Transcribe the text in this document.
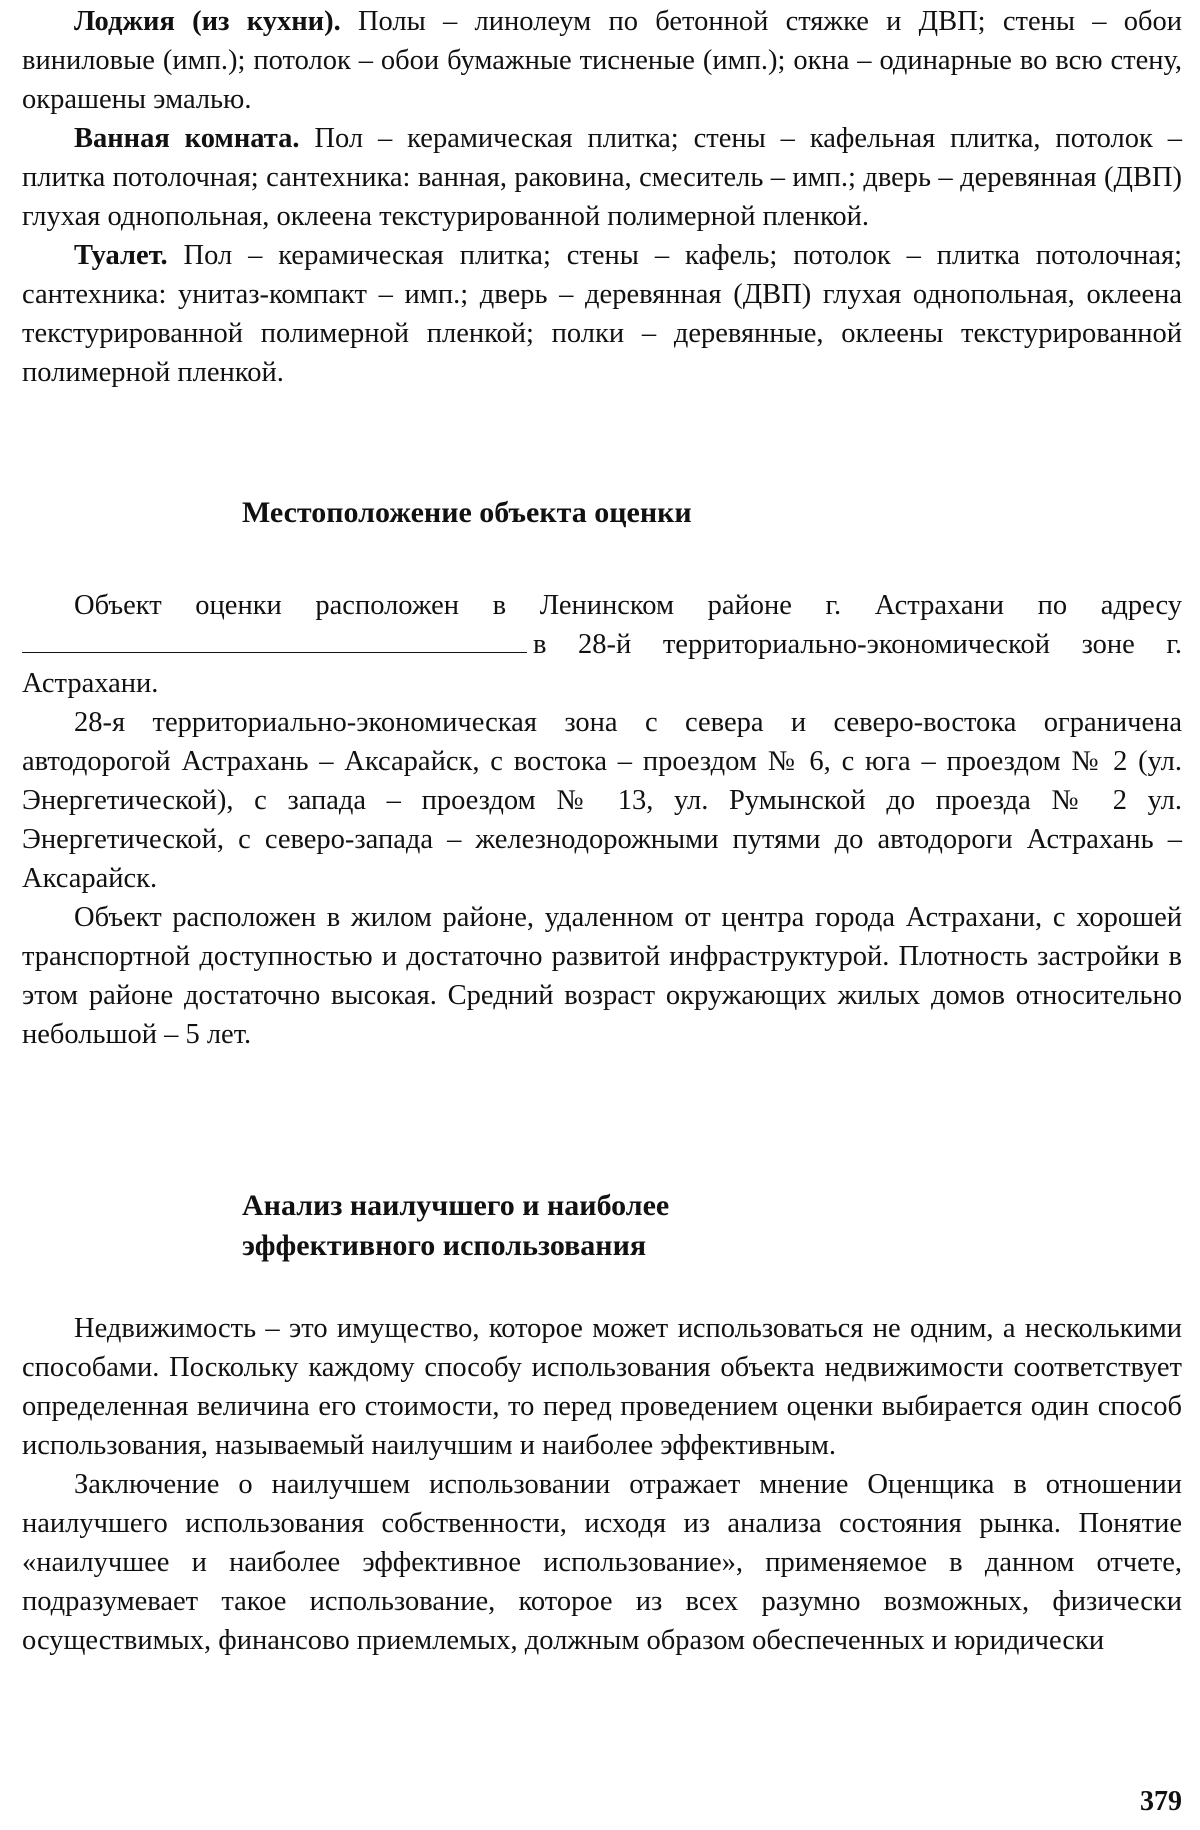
Лоджия (из кухни). Полы – линолеум по бетонной стяжке и ДВП; стены – обои виниловые (имп.); потолок – обои бумажные тисненые (имп.); окна – одинарные во всю стену, окрашены эмалью.

Ванная комната. Пол – керамическая плитка; стены – кафельная плитка, потолок – плитка потолочная; сантехника: ванная, раковина, смеситель – имп.; дверь – деревянная (ДВП) глухая однопольная, оклеена текстурированной полимерной пленкой.

Туалет. Пол – керамическая плитка; стены – кафель; потолок – плитка потолочная; сантехника: унитаз-компакт – имп.; дверь – деревянная (ДВП) глухая однопольная, оклеена текстурированной полимерной пленкой; полки – деревянные, оклеены текстурированной полимерной пленкой.

Местоположение объекта оценки

Объект оценки расположен в Ленинском районе г. Астрахани по адресу в 28-й территориально-экономической зоне г. Астрахани.

28-я территориально-экономическая зона с севера и северо-востока ограничена автодорогой Астрахань – Аксарайск, с востока – проездом № 6, с юга – проездом № 2 (ул. Энергетической), с запада – проездом № 13, ул. Румынской до проезда № 2 ул. Энергетической, с северо-запада – железнодорожными путями до автодороги Астрахань – Аксарайск.

Объект расположен в жилом районе, удаленном от центра города Астрахани, с хорошей транспортной доступностью и достаточно развитой инфраструктурой. Плотность застройки в этом районе достаточно высокая. Средний возраст окружающих жилых домов относительно небольшой – 5 лет.

Анализ наилучшего и наиболее
эффективного использования

Недвижимость – это имущество, которое может использоваться не одним, а несколькими способами. Поскольку каждому способу использования объекта недвижимости соответствует определенная величина его стоимости, то перед проведением оценки выбирается один способ использования, называемый наилучшим и наиболее эффективным.

Заключение о наилучшем использовании отражает мнение Оценщика в отношении наилучшего использования собственности, исходя из анализа состояния рынка. Понятие «наилучшее и наиболее эффективное использование», применяемое в данном отчете, подразумевает такое использование, которое из всех разумно возможных, физически осуществимых, финансово приемлемых, должным образом обеспеченных и юридически

379
